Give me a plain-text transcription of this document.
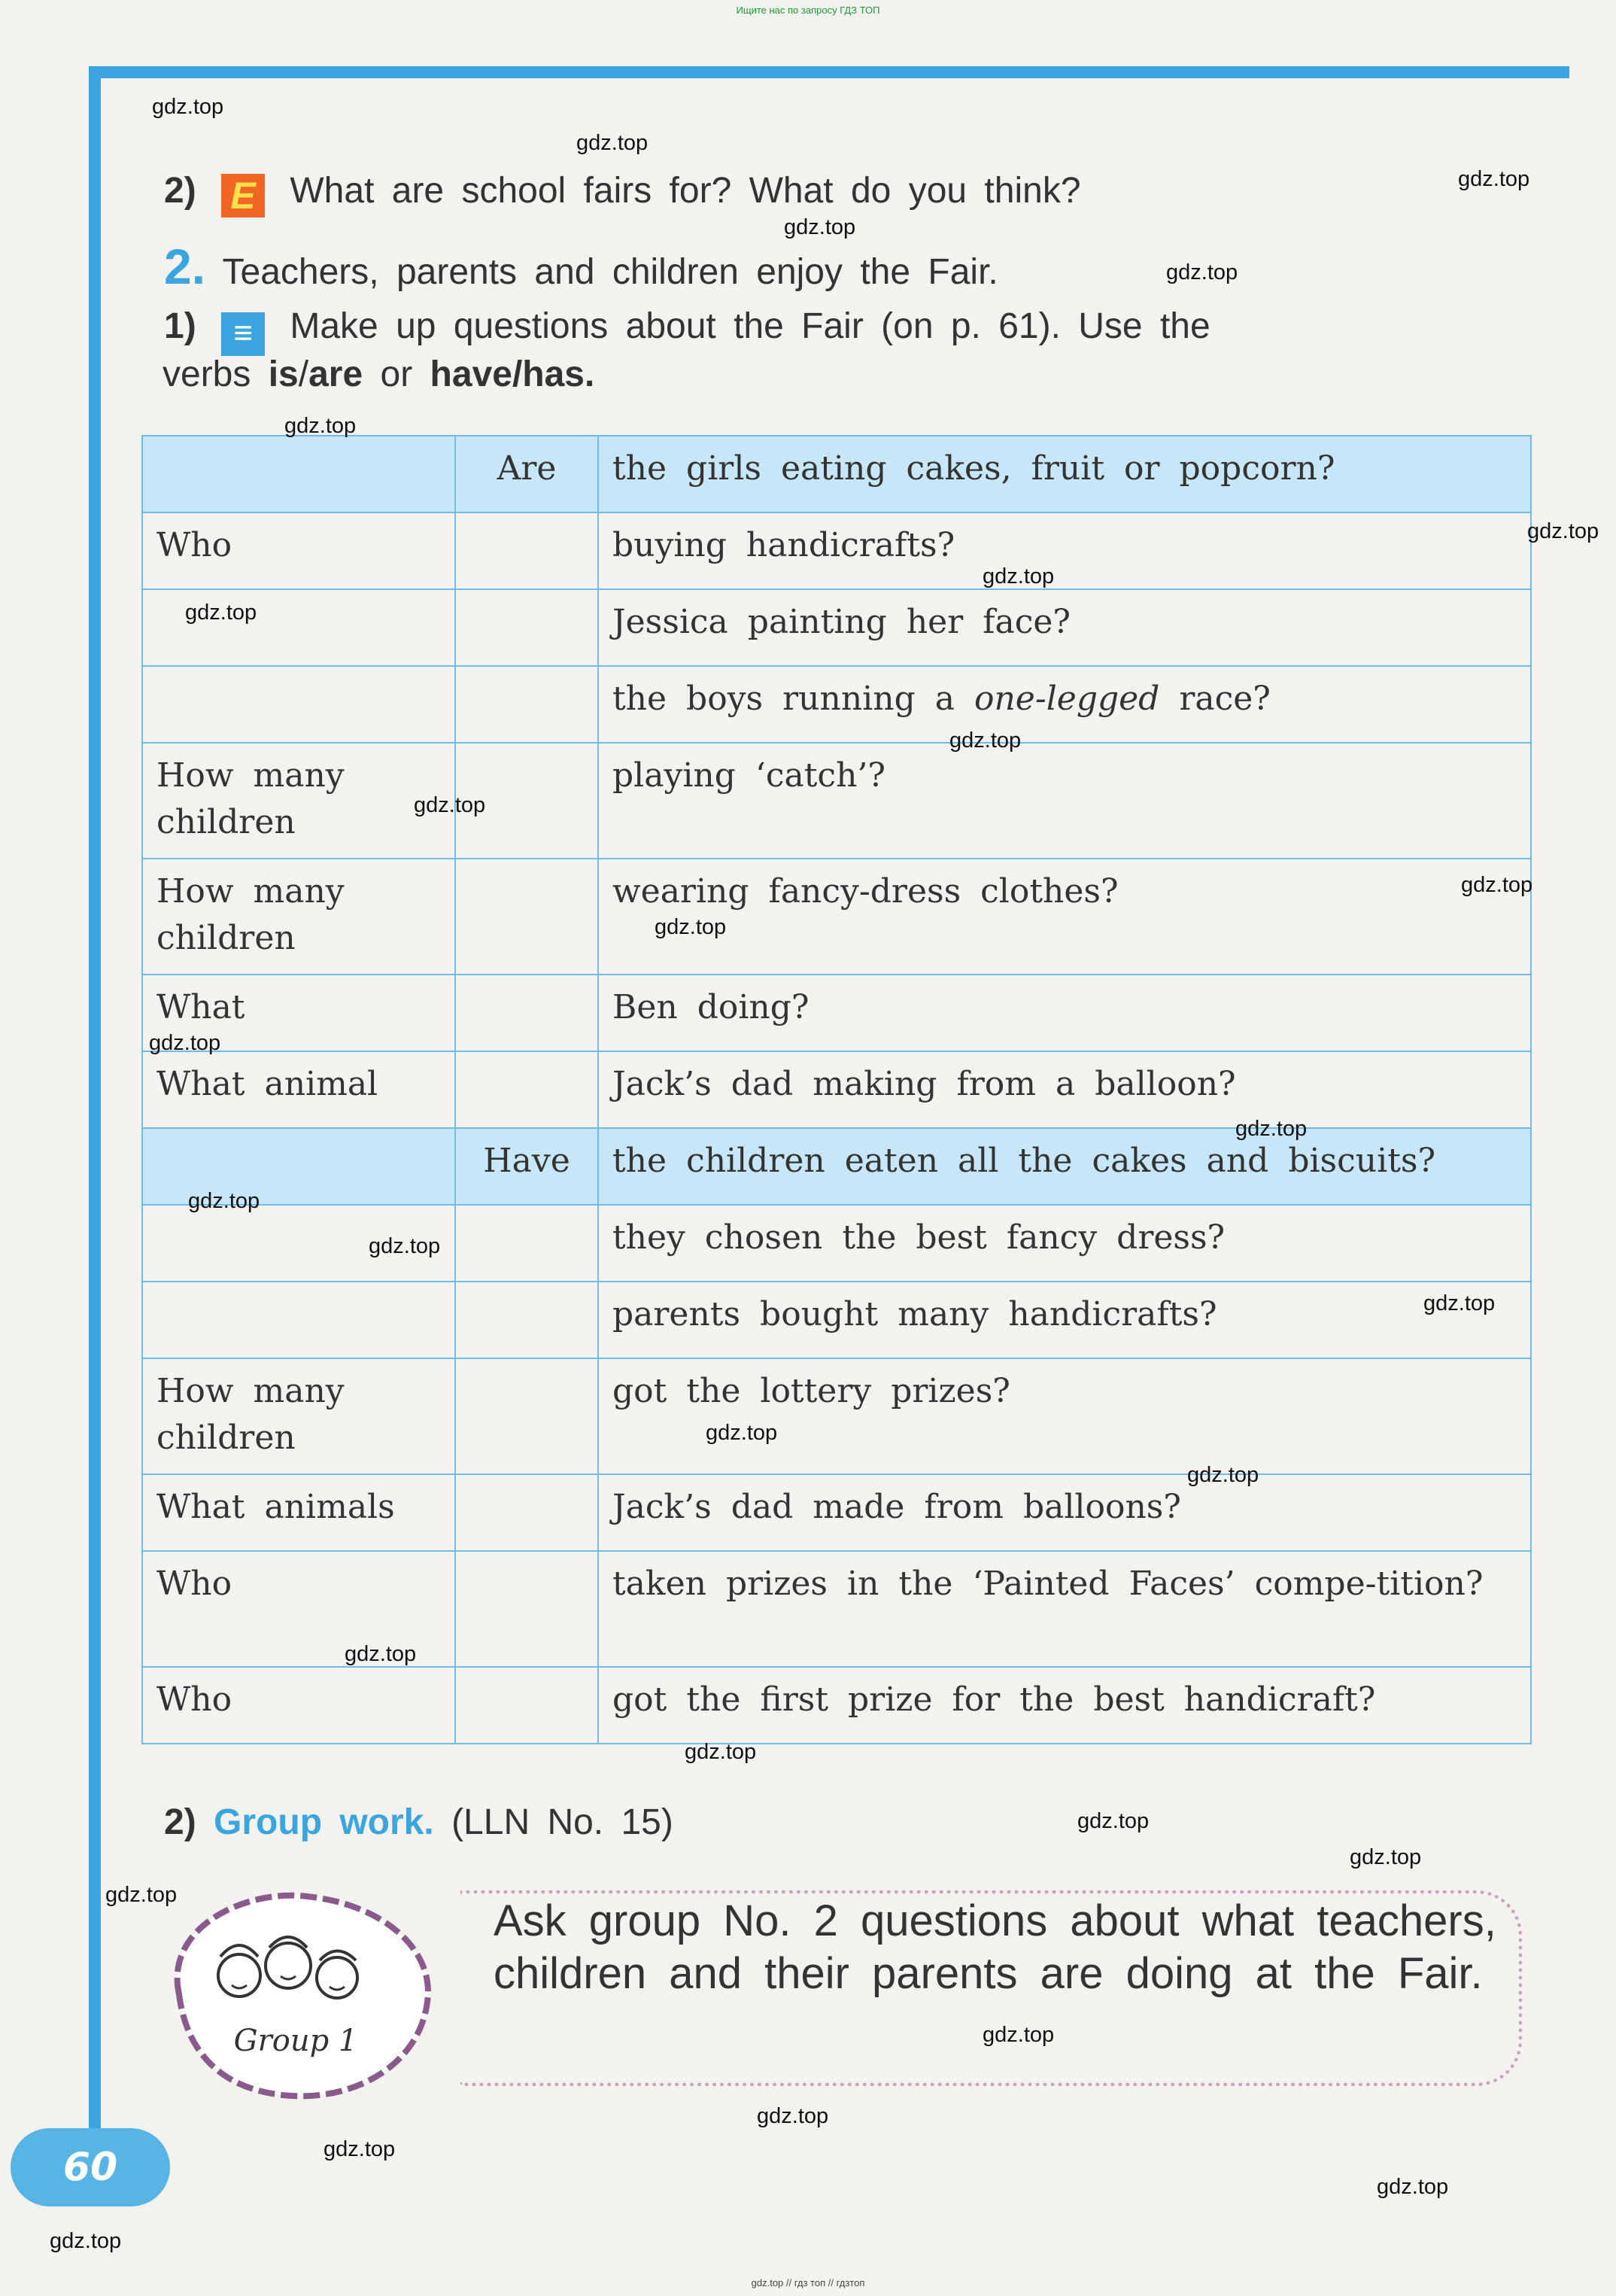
Ищите нас по запросу ГДЗ ТОП
2) E What are school fairs for? What do you think?
2. Teachers, parents and children enjoy the Fair.
1) ≡ Make up questions about the Fair (on p. 61). Use the
verbs is/are or have/has.
	Are	the girls eating cakes, fruit or popcorn?
Who		buying handicrafts?
		Jessica painting her face?
		the boys running a one-legged race?
How many children		playing ‘catch’?
How many children		wearing fancy-dress clothes?
What		Ben doing?
What animal		Jack’s dad making from a balloon?
	Have	the children eaten all the cakes and biscuits?
		they chosen the best fancy dress?
		parents bought many handicrafts?
How many children		got the lottery prizes?
What animals		Jack’s dad made from balloons?
Who		taken prizes in the ‘Painted Faces’ compe-tition?
Who		got the first prize for the best handicraft?
2) Group work. (LLN No. 15)
Group 1
Ask group No. 2 questions about what teachers, children and their parents are doing at the Fair.
60
gdz.top
gdz.top
gdz.top
gdz.top
gdz.top
gdz.top
gdz.top
gdz.top
gdz.top
gdz.top
gdz.top
gdz.top
gdz.top
gdz.top
gdz.top
gdz.top
gdz.top
gdz.top
gdz.top
gdz.top
gdz.top
gdz.top
gdz.top
gdz.top
gdz.top
gdz.top
gdz.top
gdz.top
gdz.top
gdz.top
gdz.top // гдз топ // гдзтоп
